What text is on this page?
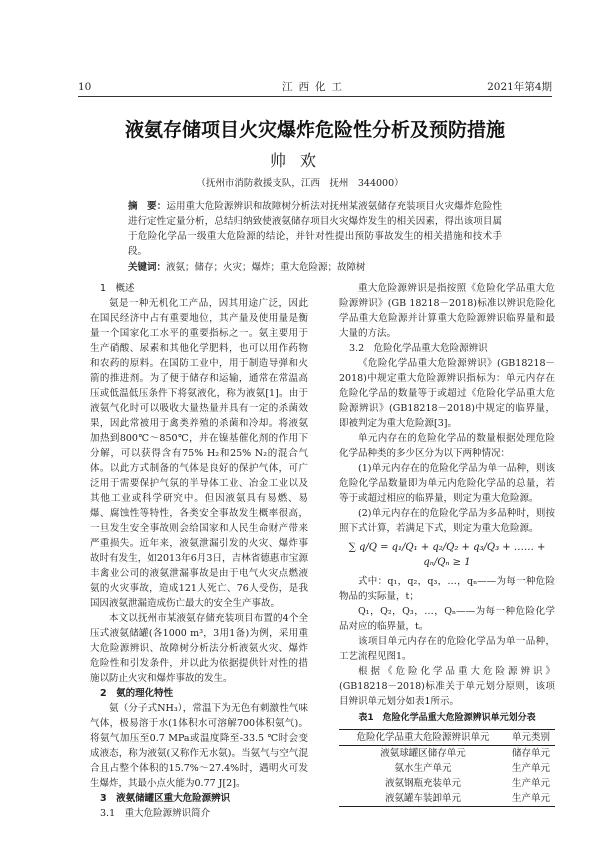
10	江西化工	2021年第4期
液氨存储项目火灾爆炸危险性分析及预防措施
帅欢
（抚州市消防救援支队，江西　抚州　344000）
摘　要：运用重大危险源辨识和故障树分析法对抚州某液氨储存充装项目火灾爆炸危险性进行定性定量分析，总结归纳致使液氨储存项目火灾爆炸发生的相关因素，得出该项目属于危险化学品一级重大危险源的结论，并针对性提出预防事故发生的相关措施和技术手段。
关键词：液氨；储存；火灾；爆炸；重大危险源；故障树

1　概述

氨是一种无机化工产品，因其用途广泛，因此在国民经济中占有重要地位，其产量及使用量是衡量一个国家化工水平的重要指标之一。氨主要用于生产硝酸、尿素和其他化学肥料，也可以用作药物和农药的原料。在国防工业中，用于制造导弹和火箭的推进剂。为了便于储存和运输，通常在常温高压或低温低压条件下将氨液化，称为液氨[1]。由于液氨气化时可以吸收大量热量并具有一定的杀菌效果，因此常被用于禽类养殖的杀菌和冷却。将液氨加热到800℃～850℃，并在镍基催化剂的作用下分解，可以获得含有75% H₂和25% N₂的混合气体。以此方式制备的气体是良好的保护气体，可广泛用于需要保护气氛的半导体工业、冶金工业以及其他工业或科学研究中。但因液氨具有易燃、易爆、腐蚀性等特性，各类安全事故发生概率很高，一旦发生安全事故则会给国家和人民生命财产带来严重损失。近年来，液氨泄漏引发的火灾、爆炸事故时有发生，如2013年6月3日，吉林省德惠市宝源丰禽业公司的液氨泄漏事故是由于电气火灾点燃液氨的火灾事故，造成121人死亡、76人受伤，是我国因液氨泄漏造成伤亡最大的安全生产事故。

本文以抚州市某液氨存储充装项目布置的4个全压式液氨储罐(各1000 m³，3用1备)为例，采用重大危险源辨识、故障树分析法分析液氨火灾、爆炸危险性和引发条件，并以此为依据提供针对性的措施以防止火灾和爆炸事故的发生。

2　氨的理化特性

氨（分子式NH₃），常温下为无色有刺激性气味气体，极易溶于水(1体积水可溶解700体积氨气)。将氨气加压至0.7 MPa或温度降至-33.5 ℃时会变成液态，称为液氨(又称作无水氨)。当氨气与空气混合且占整个体积的15.7%～27.4%时，遇明火可发生爆炸，其最小点火能为0.77 J[2]。

3　液氨储罐区重大危险源辨识

3.1　重大危险源辨识简介

重大危险源辨识是指按照《危险化学品重大危险源辨识》(GB 18218－2018)标准以辨识危险化学品重大危险源并计算重大危险源辨识临界量和最大量的方法。

3.2　危险化学品重大危险源辨识

《危险化学品重大危险源辨识》(GB18218－2018)中规定重大危险源辨识指标为：单元内存在危险化学品的数量等于或超过《危险化学品重大危险源辨识》(GB18218－2018)中规定的临界量，即被判定为重大危险源[3]。

单元内存在的危险化学品的数量根据处理危险化学品种类的多少区分为以下两种情况：

(1)单元内存在的危险化学品为单一品种，则该危险化学品数量即为单元内危险化学品的总量，若等于或超过相应的临界量，则定为重大危险源。

(2)单元内存在的危险化学品为多品种时，则按照下式计算，若满足下式，则定为重大危险源。

∑ q/Q = q₁/Q₁ + q₂/Q₂ + q₃/Q₃ + …… + qₙ/Qₙ ≥ 1

式中：q₁，q₂，q₃，…，qₙ——为每一种危险物品的实际量，t；

Q₁，Q₂，Q₃，…，Qₙ——为每一种危险化学品对应的临界量，t。

该项目单元内存在的危险化学品为单一品种，工艺流程见图1。

根据《危险化学品重大危险源辨识》(GB18218－2018)标准关于单元划分原则，该项目辨识单元划分如表1所示。

表1　危险化学品重大危险源辨识单元划分表
危险化学品重大危险源辨识单元	单元类别
液氨球罐区储存单元	储存单元
氨水生产单元	生产单元
液氨钢瓶充装单元	生产单元
液氨罐车装卸单元	生产单元
